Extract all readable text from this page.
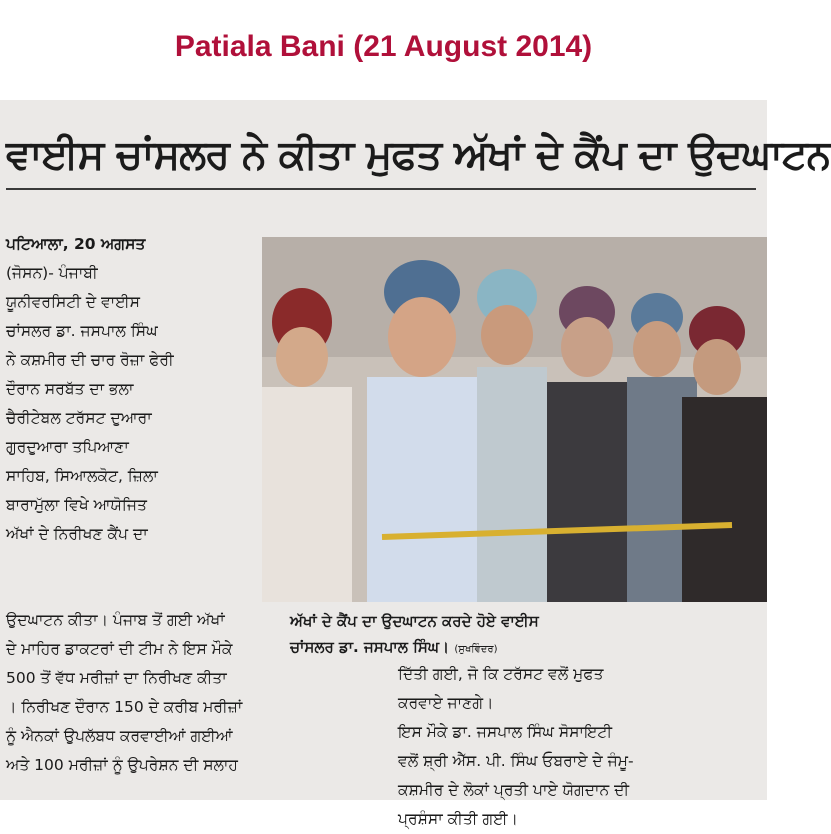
Patiala Bani (21 August 2014)
ਵਾਈਸ ਚਾਂਸਲਰ ਨੇ ਕੀਤਾ ਮੁਫਤ ਅੱਖਾਂ ਦੇ ਕੈਂਪ ਦਾ ਉਦਘਾਟਨ
ਪਟਿਆਲਾ, 20 ਅਗਸਤ
(ਜੋਸਨ)- ਪੰਜਾਬੀ
ਯੂਨੀਵਰਸਿਟੀ ਦੇ ਵਾਈਸ
ਚਾਂਸਲਰ ਡਾ. ਜਸਪਾਲ ਸਿੰਘ
ਨੇ ਕਸ਼ਮੀਰ ਦੀ ਚਾਰ ਰੋਜ਼ਾ ਫੇਰੀ
ਦੌਰਾਨ ਸਰਬੱਤ ਦਾ ਭਲਾ
ਚੈਰੀਟੇਬਲ ਟਰੱਸਟ ਦੁਆਰਾ
ਗੁਰਦੁਆਰਾ ਤਪਿਆਣਾ
ਸਾਹਿਬ, ਸਿਆਲਕੋਟ, ਜ਼ਿਲਾ
ਬਾਰਾਮੁੱਲਾ ਵਿਖੇ ਆਯੋਜਿਤ
ਅੱਖਾਂ ਦੇ ਨਿਰੀਖਣ ਕੈਂਪ ਦਾ
ਅੱਖਾਂ ਦੇ ਕੈਂਪ ਦਾ ਉਦਘਾਟਨ ਕਰਦੇ ਹੋਏ ਵਾਈਸ
ਚਾਂਸਲਰ ਡਾ. ਜਸਪਾਲ ਸਿੰਘ। (ਸੁਖਵਿੰਦਰ)
ਉਦਘਾਟਨ ਕੀਤਾ। ਪੰਜਾਬ ਤੋਂ ਗਈ ਅੱਖਾਂ
ਦੇ ਮਾਹਿਰ ਡਾਕਟਰਾਂ ਦੀ ਟੀਮ ਨੇ ਇਸ ਮੌਕੇ
500 ਤੋਂ ਵੱਧ ਮਰੀਜ਼ਾਂ ਦਾ ਨਿਰੀਖਣ ਕੀਤਾ
। ਨਿਰੀਖਣ ਦੌਰਾਨ 150 ਦੇ ਕਰੀਬ ਮਰੀਜ਼ਾਂ
ਨੂੰ ਐਨਕਾਂ ਉਪਲੱਬਧ ਕਰਵਾਈਆਂ ਗਈਆਂ
ਅਤੇ 100 ਮਰੀਜ਼ਾਂ ਨੂੰ ਉਪਰੇਸ਼ਨ ਦੀ ਸਲਾਹ
ਦਿੱਤੀ ਗਈ, ਜੋ ਕਿ ਟਰੱਸਟ ਵਲੋਂ ਮੁਫਤ
ਕਰਵਾਏ ਜਾਣਗੇ।
ਇਸ ਮੌਕੇ ਡਾ. ਜਸਪਾਲ ਸਿੰਘ ਸੋਸਾਇਟੀ
ਵਲੋਂ ਸ਼੍ਰੀ ਐੱਸ. ਪੀ. ਸਿੰਘ ਓਬਰਾਏ ਦੇ ਜੰਮੂ-
ਕਸ਼ਮੀਰ ਦੇ ਲੋਕਾਂ ਪ੍ਰਤੀ ਪਾਏ ਯੋਗਦਾਨ ਦੀ
ਪ੍ਰਸ਼ੰਸਾ ਕੀਤੀ ਗਈ।
